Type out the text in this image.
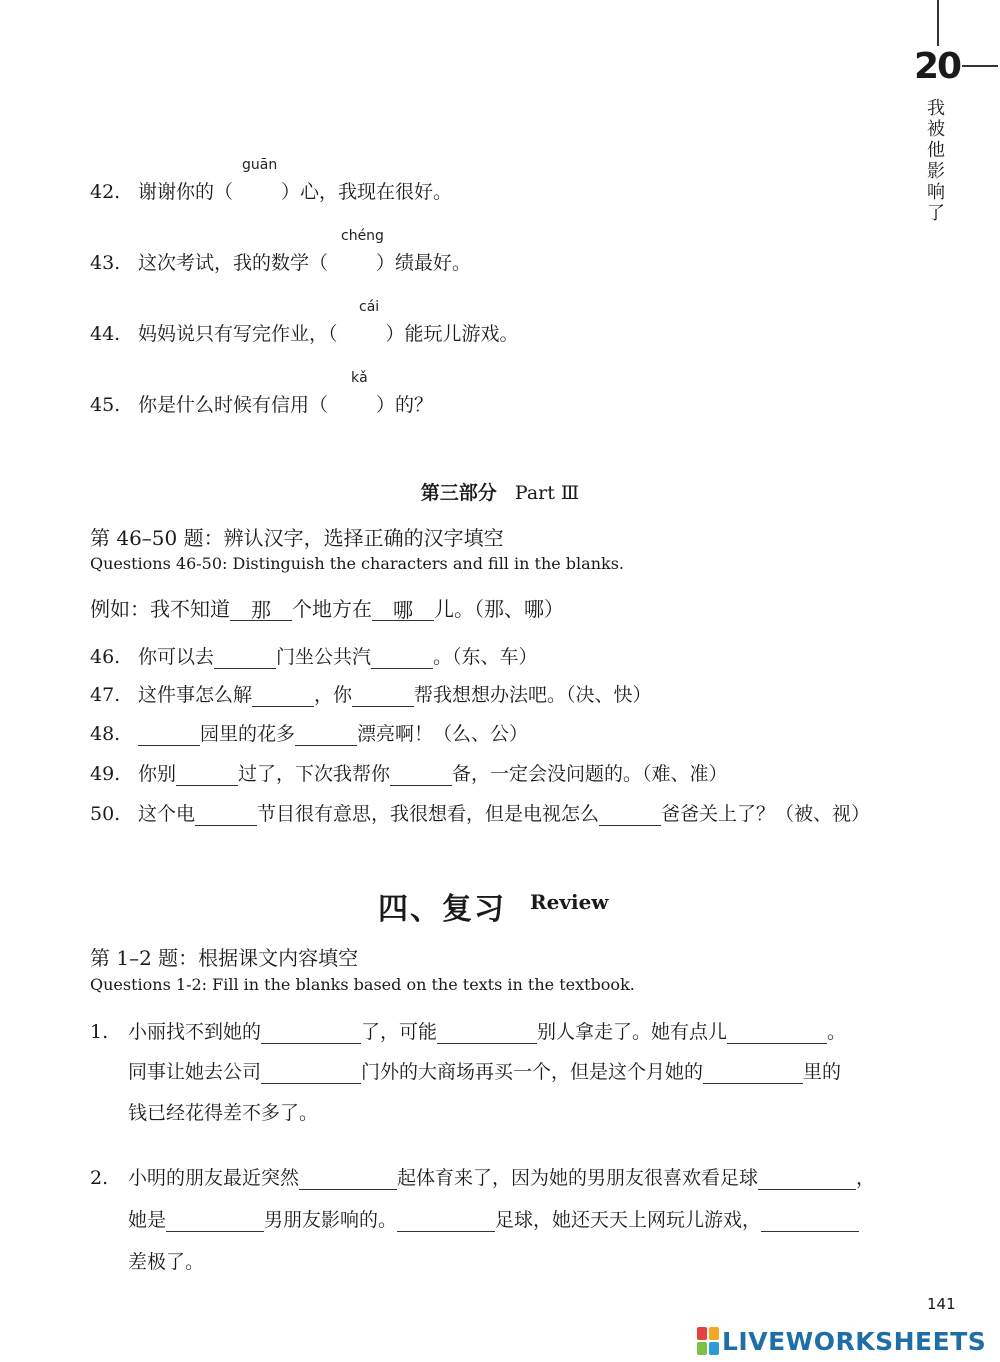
20
我被他影响了
guān
42. 谢谢你的（	）心，我现在很好。
chéng
43. 这次考试，我的数学（	）绩最好。
cái
44. 妈妈说只有写完作业，（	）能玩儿游戏。
kǎ
45. 你是什么时候有信用（	）的？
第三部分 Part Ⅲ
第 46–50 题：辨认汉字，选择正确的汉字填空
Questions 46-50: Distinguish the characters and fill in the blanks.
例如：我不知道 那 个地方在 哪 儿。（那、哪）
46. 你可以去	门坐公共汽	。（东、车）
47. 这件事怎么解	，你	帮我想想办法吧。（决、快）
48.	园里的花多	漂亮啊！（么、公）
49. 你别	过了，下次我帮你	备，一定会没问题的。（难、准）
50. 这个电	节目很有意思，我很想看，但是电视怎么	爸爸关上了？（被、视）
四、复习 Review
第 1–2 题：根据课文内容填空
Questions 1-2: Fill in the blanks based on the texts in the textbook.
1. 小丽找不到她的	了，可能	别人拿走了。她有点儿	。
同事让她去公司	门外的大商场再买一个，但是这个月她的	里的
钱已经花得差不多了。
2. 小明的朋友最近突然	起体育来了，因为她的男朋友很喜欢看足球	，
她是	男朋友影响的。	足球，她还天天上网玩儿游戏，
差极了。
141
LIVEWORKSHEETS
